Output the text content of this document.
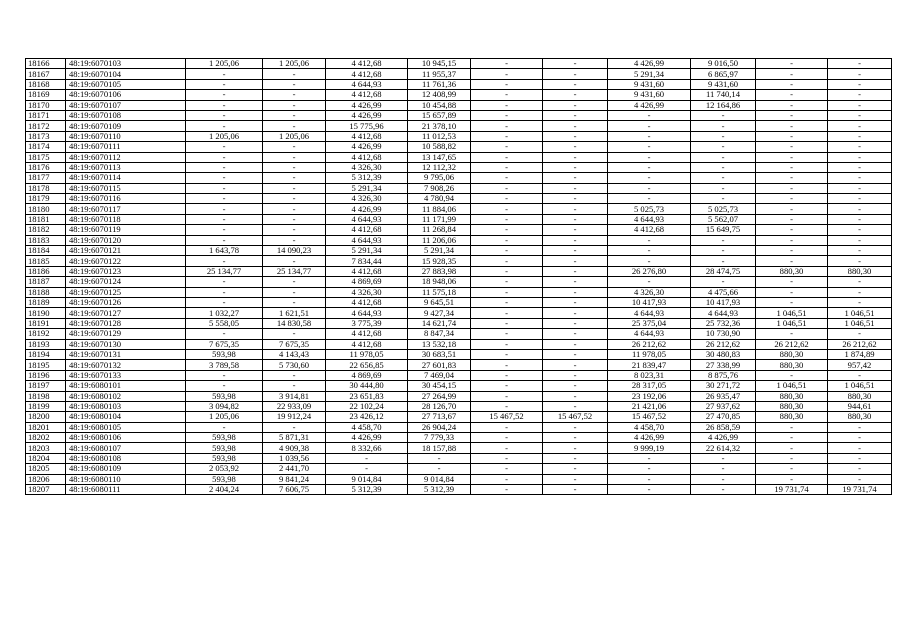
18166	48:19:6070103	1 205,06	1 205,06	4 412,68	10 945,15	-	-	4 426,99	9 016,50	-	-
18167	48:19:6070104	-	-	4 412,68	11 955,37	-	-	5 291,34	6 865,97	-	-
18168	48:19:6070105	-	-	4 644,93	11 761,36	-	-	9 431,60	9 431,60	-	-
18169	48:19:6070106	-	-	4 412,68	12 408,99	-	-	9 431,60	11 740,14	-	-
18170	48:19:6070107	-	-	4 426,99	10 454,88	-	-	4 426,99	12 164,86	-	-
18171	48:19:6070108	-	-	4 426,99	15 657,89	-	-	-	-	-	-
18172	48:19:6070109	-	-	15 775,96	21 378,10	-	-	-	-	-	-
18173	48:19:6070110	1 205,06	1 205,06	4 412,68	11 012,53	-	-	-	-	-	-
18174	48:19:6070111	-	-	4 426,99	10 588,82	-	-	-	-	-	-
18175	48:19:6070112	-	-	4 412,68	13 147,65	-	-	-	-	-	-
18176	48:19:6070113	-	-	4 326,30	12 112,32	-	-	-	-	-	-
18177	48:19:6070114	-	-	5 312,39	9 795,06	-	-	-	-	-	-
18178	48:19:6070115	-	-	5 291,34	7 908,26	-	-	-	-	-	-
18179	48:19:6070116	-	-	4 326,30	4 780,94	-	-	-	-	-	-
18180	48:19:6070117	-	-	4 426,99	11 884,06	-	-	5 025,73	5 025,73	-	-
18181	48:19:6070118	-	-	4 644,93	11 171,99	-	-	4 644,93	5 562,07	-	-
18182	48:19:6070119	-	-	4 412,68	11 268,84	-	-	4 412,68	15 649,75	-	-
18183	48:19:6070120	-	-	4 644,93	11 206,06	-	-	-	-	-	-
18184	48:19:6070121	1 643,78	14 090,23	5 291,34	5 291,34	-	-	-	-	-	-
18185	48:19:6070122	-	-	7 834,44	15 928,35	-	-	-	-	-	-
18186	48:19:6070123	25 134,77	25 134,77	4 412,68	27 883,98	-	-	26 276,80	28 474,75	880,30	880,30
18187	48:19:6070124	-	-	4 869,69	18 948,06	-	-	-	-	-	-
18188	48:19:6070125	-	-	4 326,30	11 575,18	-	-	4 326,30	4 475,66	-	-
18189	48:19:6070126	-	-	4 412,68	9 645,51	-	-	10 417,93	10 417,93	-	-
18190	48:19:6070127	1 032,27	1 621,51	4 644,93	9 427,34	-	-	4 644,93	4 644,93	1 046,51	1 046,51
18191	48:19:6070128	5 558,05	14 830,58	3 775,39	14 621,74	-	-	25 375,04	25 732,36	1 046,51	1 046,51
18192	48:19:6070129	-	-	4 412,68	8 847,34	-	-	4 644,93	10 730,90	-	-
18193	48:19:6070130	7 675,35	7 675,35	4 412,68	13 532,18	-	-	26 212,62	26 212,62	26 212,62	26 212,62
18194	48:19:6070131	593,98	4 143,43	11 978,05	30 683,51	-	-	11 978,05	30 480,83	880,30	1 874,89
18195	48:19:6070132	3 789,58	5 730,60	22 656,85	27 601,83	-	-	21 839,47	27 338,99	880,30	957,42
18196	48:19:6070133	-	-	4 869,69	7 469,04	-	-	8 023,31	8 875,76	-	-
18197	48:19:6080101	-	-	30 444,80	30 454,15	-	-	28 317,05	30 271,72	1 046,51	1 046,51
18198	48:19:6080102	593,98	3 914,81	23 651,83	27 264,99	-	-	23 192,06	26 935,47	880,30	880,30
18199	48:19:6080103	3 094,82	22 933,09	22 102,24	28 126,70	-	-	21 421,06	27 937,62	880,30	944,61
18200	48:19:6080104	1 205,06	19 912,24	23 426,12	27 713,67	15 467,52	15 467,52	15 467,52	27 470,85	880,30	880,30
18201	48:19:6080105	-	-	4 458,70	26 904,24	-	-	4 458,70	26 858,59	-	-
18202	48:19:6080106	593,98	5 871,31	4 426,99	7 779,33	-	-	4 426,99	4 426,99	-	-
18203	48:19:6080107	593,98	4 909,38	8 332,66	18 157,88	-	-	9 999,19	22 614,32	-	-
18204	48:19:6080108	593,98	1 039,56	-	-	-	-	-	-	-	-
18205	48:19:6080109	2 053,92	2 441,70	-	-	-	-	-	-	-	-
18206	48:19:6080110	593,98	9 841,24	9 014,84	9 014,84	-	-	-	-	-	-
18207	48:19:6080111	2 404,24	7 606,75	5 312,39	5 312,39	-	-	-	-	19 731,74	19 731,74
